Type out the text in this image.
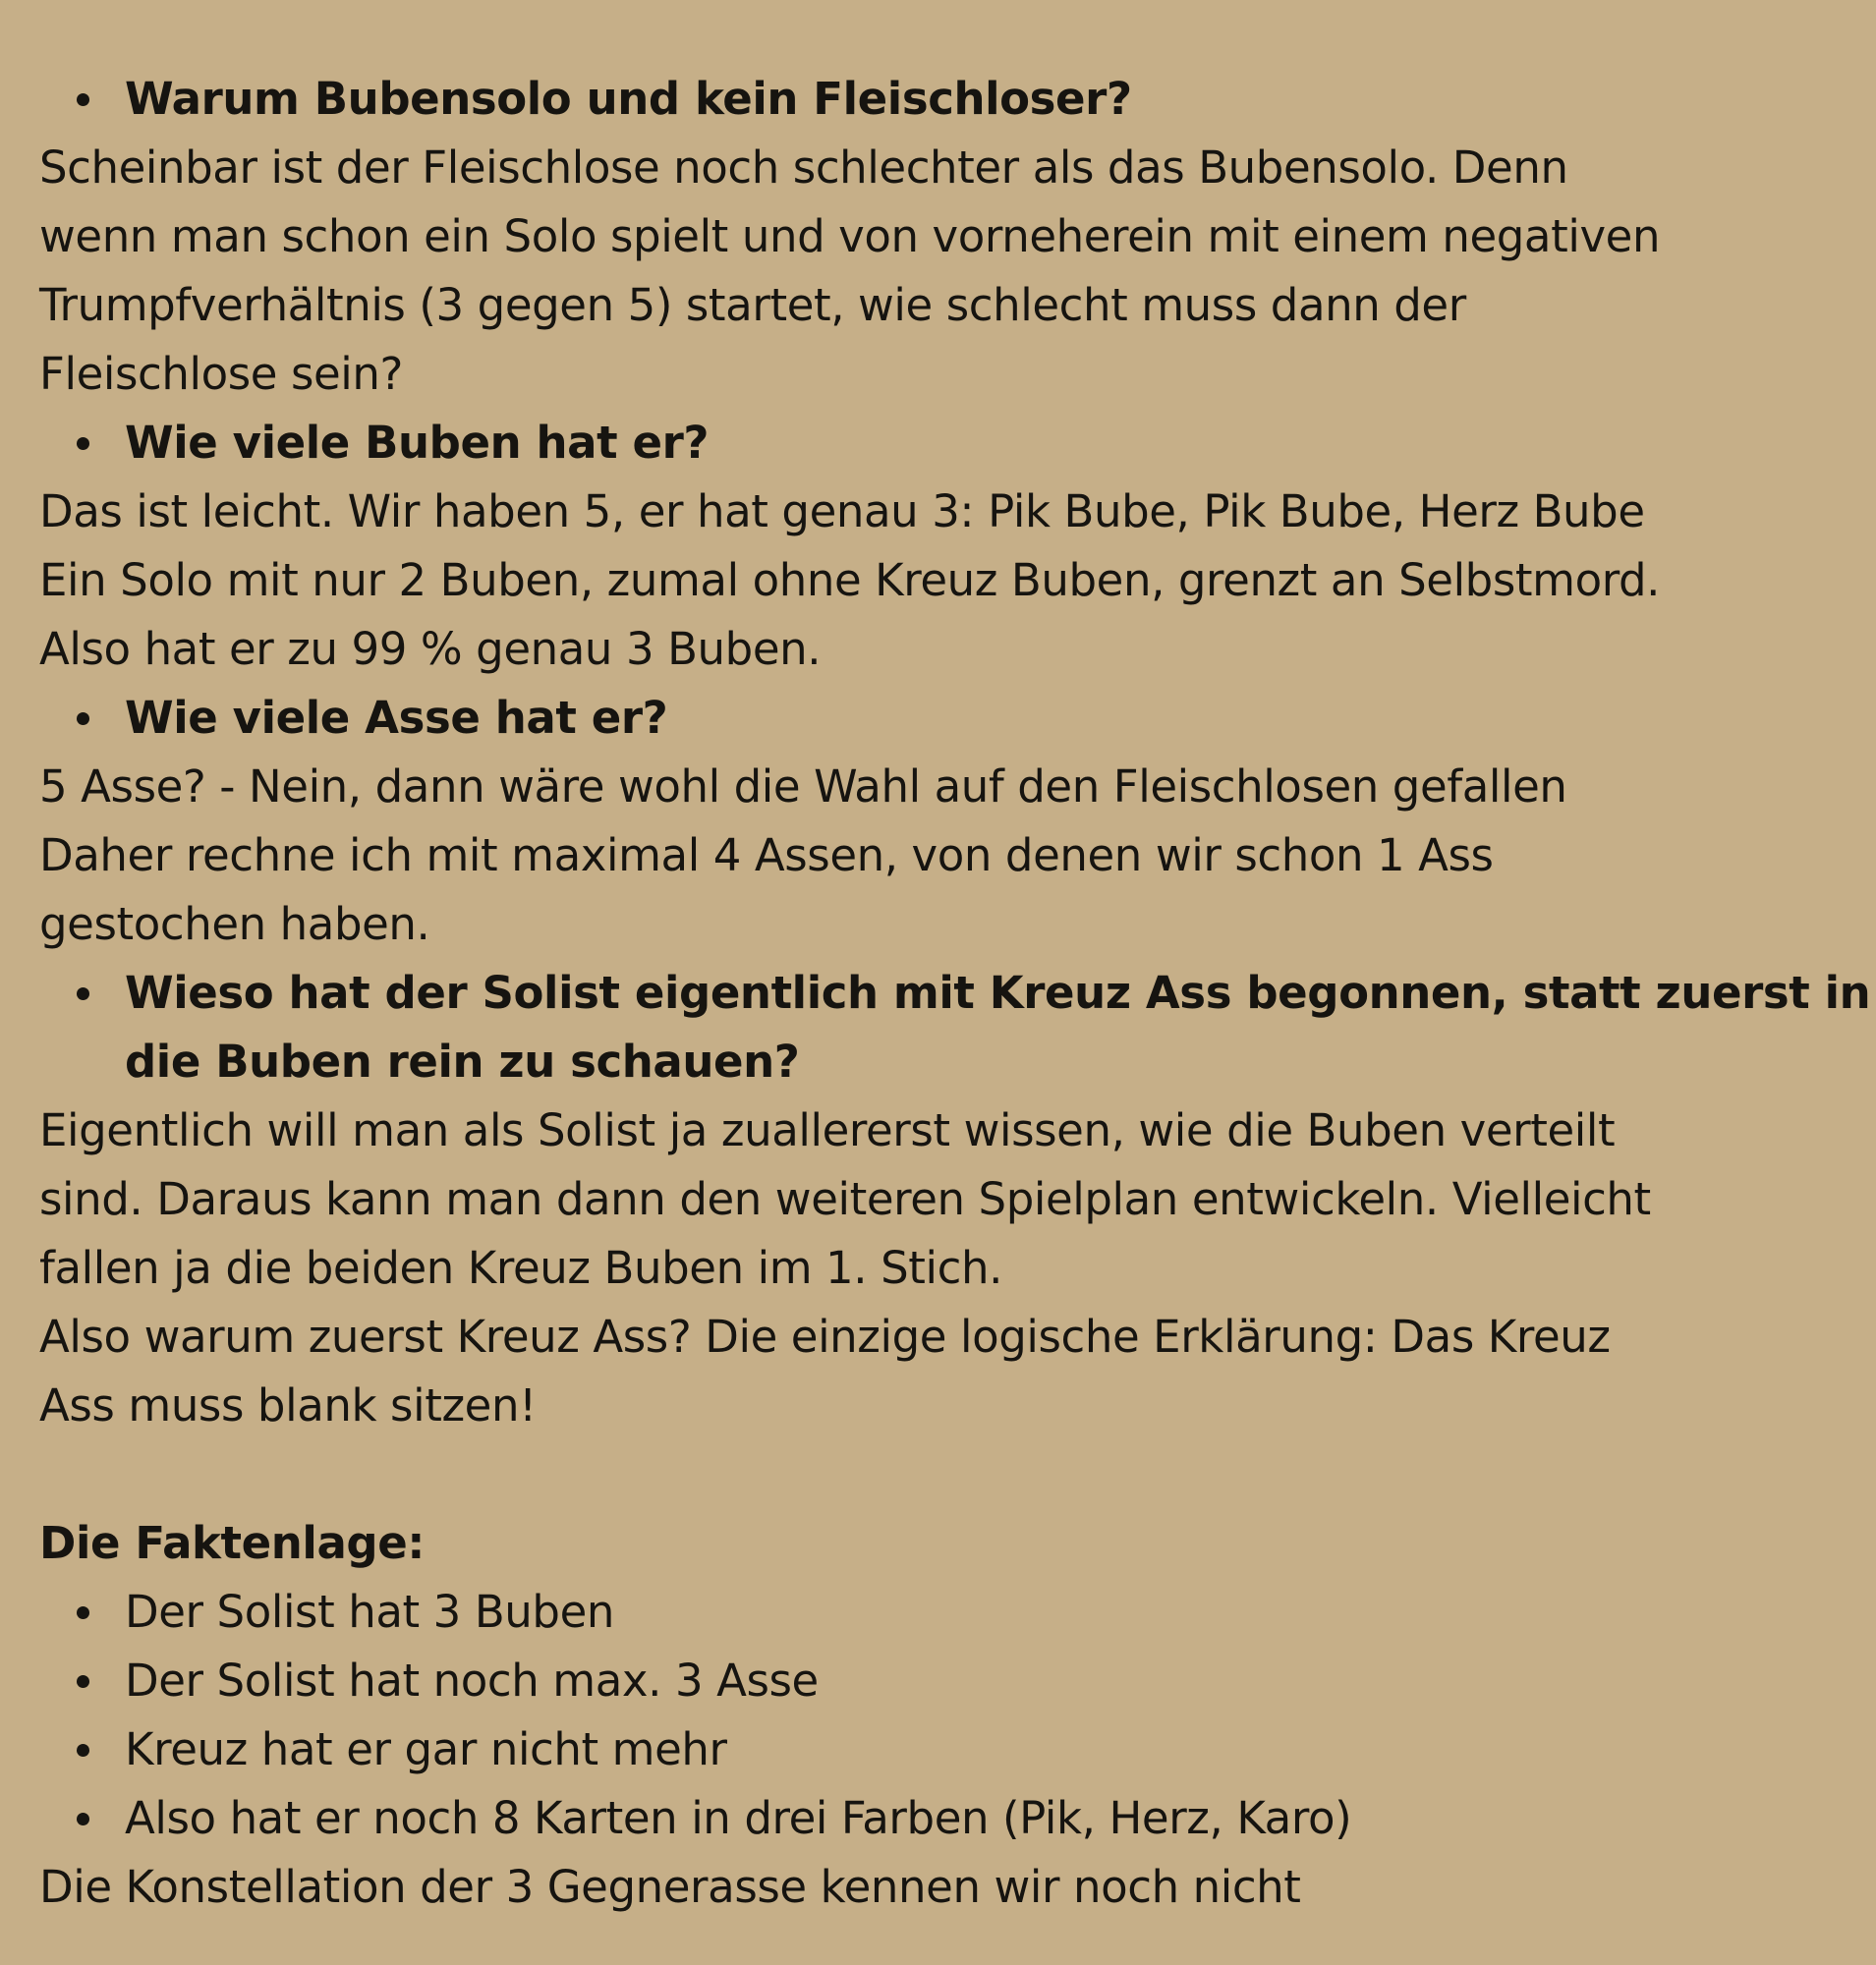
Warum Bubensolo und kein Fleischloser?
Scheinbar ist der Fleischlose noch schlechter als das Bubensolo. Denn
wenn man schon ein Solo spielt und von vorneherein mit einem negativen
Trumpfverhältnis (3 gegen 5) startet, wie schlecht muss dann der
Fleischlose sein?
Wie viele Buben hat er?
Das ist leicht. Wir haben 5, er hat genau 3: Pik Bube, Pik Bube, Herz Bube
Ein Solo mit nur 2 Buben, zumal ohne Kreuz Buben, grenzt an Selbstmord.
Also hat er zu 99 % genau 3 Buben.
Wie viele Asse hat er?
5 Asse? - Nein, dann wäre wohl die Wahl auf den Fleischlosen gefallen
Daher rechne ich mit maximal 4 Assen, von denen wir schon 1 Ass
gestochen haben.
Wieso hat der Solist eigentlich mit Kreuz Ass begonnen, statt zuerst in die Buben rein zu schauen?
Eigentlich will man als Solist ja zuallererst wissen, wie die Buben verteilt
sind. Daraus kann man dann den weiteren Spielplan entwickeln. Vielleicht
fallen ja die beiden Kreuz Buben im 1. Stich.
Also warum zuerst Kreuz Ass? Die einzige logische Erklärung: Das Kreuz
Ass muss blank sitzen!
Die Faktenlage:
Der Solist hat 3 Buben
Der Solist hat noch max. 3 Asse
Kreuz hat er gar nicht mehr
Also hat er noch 8 Karten in drei Farben (Pik, Herz, Karo)
Die Konstellation der 3 Gegnerasse kennen wir noch nicht
